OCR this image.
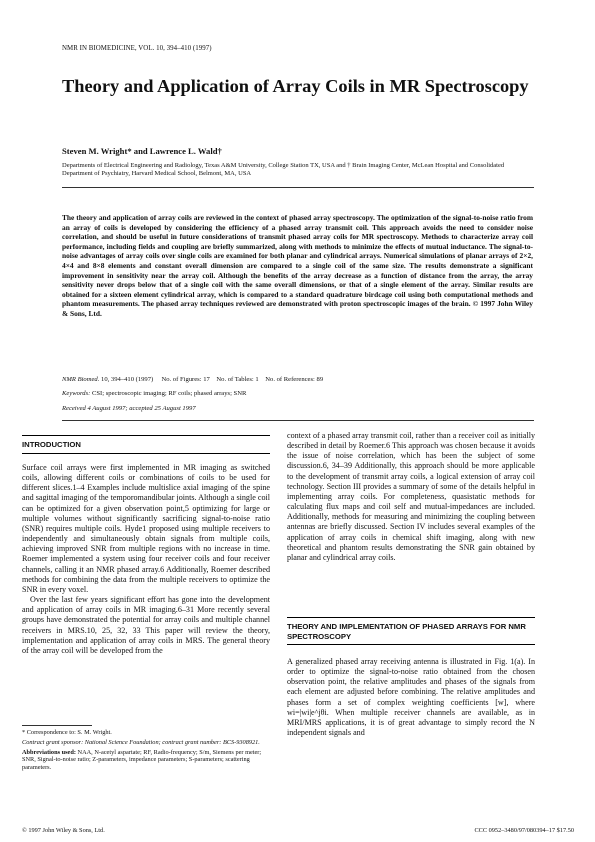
NMR IN BIOMEDICINE, VOL. 10, 394–410 (1997)
Theory and Application of Array Coils in MR Spectroscopy
Steven M. Wright* and Lawrence L. Wald†
Departments of Electrical Engineering and Radiology, Texas A&M University, College Station TX, USA and † Brain Imaging Center, McLean Hospital and Consolidated Department of Psychiatry, Harvard Medical School, Belmont, MA, USA
The theory and application of array coils are reviewed in the context of phased array spectroscopy. The optimization of the signal-to-noise ratio from an array of coils is developed by considering the efficiency of a phased array transmit coil. This approach avoids the need to consider noise correlation, and should be useful in future considerations of transmit phased array coils for MR spectroscopy. Methods to characterize array coil performance, including fields and coupling are briefly summarized, along with methods to minimize the effects of mutual inductance. The signal-to-noise advantages of array coils over single coils are examined for both planar and cylindrical arrays. Numerical simulations of planar arrays of 2×2, 4×4 and 8×8 elements and constant overall dimension are compared to a single coil of the same size. The results demonstrate a significant improvement in sensitivity near the array coil. Although the benefits of the array decrease as a function of distance from the array, the array sensitivity never drops below that of a single coil with the same overall dimensions, or that of a single element of the array. Similar results are obtained for a sixteen element cylindrical array, which is compared to a standard quadrature birdcage coil using both computational methods and phantom measurements. The phased array techniques reviewed are demonstrated with proton spectroscopic images of the brain. © 1997 John Wiley & Sons, Ltd.
NMR Biomed. 10, 394–410 (1997)     No. of Figures: 17    No. of Tables: 1    No. of References: 89
Keywords: CSI; spectroscopic imaging; RF coils; phased arrays; SNR
Received 4 August 1997; accepted 25 August 1997
INTRODUCTION

Surface coil arrays were first implemented in MR imaging as switched coils, allowing different coils or combinations of coils to be used for different slices.1–4 Examples include multislice axial imaging of the spine and sagittal imaging of the temporomandibular joints. Although a single coil can be optimized for a given observation point,5 optimizing for large or multiple volumes without significantly sacrificing signal-to-noise ratio (SNR) requires multiple coils. Hyde1 proposed using multiple receivers to independently and simultaneously obtain signals from multiple coils, achieving improved SNR from multiple regions with no increase in time. Roemer implemented a system using four receiver coils and four receiver channels, calling it an NMR phased array.6 Additionally, Roemer described methods for combining the data from the multiple receivers to optimize the SNR in every voxel.

Over the last few years significant effort has gone into the development and application of array coils in MR imaging.6–31 More recently several groups have demonstrated the potential for array coils and multiple channel receivers in MRS.10, 25, 32, 33 This paper will review the theory, implementation and application of array coils in MRS. The general theory of the array coil will be developed from the

* Correspondence to: S. M. Wright.

Contract grant sponsor: National Science Foundation; contract grant number: BCS-9308921.

Abbreviations used: NAA, N-acetyl aspartate; RF, Radio-frequency; S/m, Siemens per meter; SNR, Signal-to-noise ratio; Z-parameters, impedance parameters; S-parameters; scattering parameters.

context of a phased array transmit coil, rather than a receiver coil as initially described in detail by Roemer.6 This approach was chosen because it avoids the issue of noise correlation, which has been the subject of some discussion.6, 34–39 Additionally, this approach should be more applicable to the development of transmit array coils, a logical extension of array coil technology. Section III provides a summary of some of the details helpful in implementing array coils. For completeness, quasistatic methods for calculating flux maps and coil self and mutual-impedances are included. Additionally, methods for measuring and minimizing the coupling between antennas are briefly discussed. Section IV includes several examples of the application of array coils in chemical shift imaging, along with new theoretical and phantom results demonstrating the SNR gain obtained by planar and cylindrical array coils.

THEORY AND IMPLEMENTATION OF PHASED ARRAYS FOR NMR SPECTROSCOPY

A generalized phased array receiving antenna is illustrated in Fig. 1(a). In order to optimize the signal-to-noise ratio obtained from the chosen observation point, the relative amplitudes and phases of the signals from each element are adjusted before combining. The relative amplitudes and phases form a set of complex weighting coefficients [w], where wi=|wi|e^jθi. When multiple receiver channels are available, as in MRI/MRS applications, it is of great advantage to simply record the N independent signals and

© 1997 John Wiley & Sons, Ltd.	CCC 0952–3480/97/080394–17 $17.50
